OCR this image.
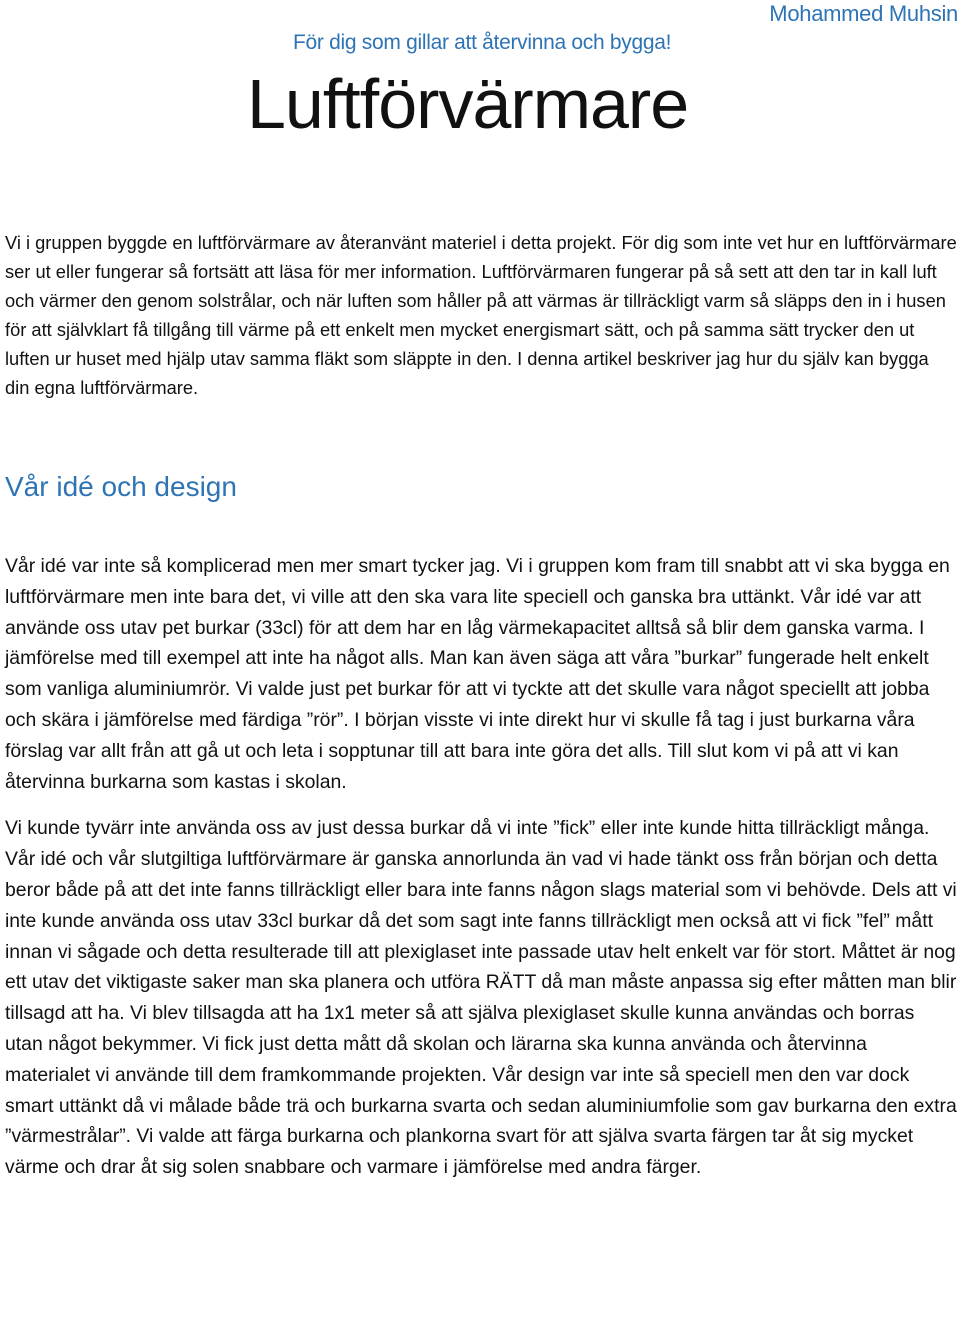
För dig som gillar att återvinna och bygga!
Mohammed Muhsin
Luftförvärmare

Vi i gruppen byggde en luftförvärmare av återanvänt materiel i detta projekt. För dig som inte vet hur en luftförvärmare ser ut eller fungerar så fortsätt att läsa för mer information. Luftförvärmaren fungerar på så sett att den tar in kall luft och värmer den genom solstrålar, och när luften som håller på att värmas är tillräckligt varm så släpps den in i husen för att självklart få tillgång till värme på ett enkelt men mycket energismart sätt, och på samma sätt trycker den ut luften ur huset med hjälp utav samma fläkt som släppte in den. I denna artikel beskriver jag hur du själv kan bygga din egna luftförvärmare.

Vår idé och design

Vår idé var inte så komplicerad men mer smart tycker jag. Vi i gruppen kom fram till snabbt att vi ska bygga en luftförvärmare men inte bara det, vi ville att den ska vara lite speciell och ganska bra uttänkt. Vår idé var att använde oss utav pet burkar (33cl) för att dem har en låg värmekapacitet alltså så blir dem ganska varma. I jämförelse med till exempel att inte ha något alls. Man kan även säga att våra ”burkar” fungerade helt enkelt som vanliga aluminiumrör. Vi valde just pet burkar för att vi tyckte att det skulle vara något speciellt att jobba och skära i jämförelse med färdiga ”rör”. I början visste vi inte direkt hur vi skulle få tag i just burkarna våra förslag var allt från att gå ut och leta i sopptunar till att bara inte göra det alls. Till slut kom vi på att vi kan återvinna burkarna som kastas i skolan.

Vi kunde tyvärr inte använda oss av just dessa burkar då vi inte ”fick” eller inte kunde hitta tillräckligt många. Vår idé och vår slutgiltiga luftförvärmare är ganska annorlunda än vad vi hade tänkt oss från början och detta beror både på att det inte fanns tillräckligt eller bara inte fanns någon slags material som vi behövde. Dels att vi inte kunde använda oss utav 33cl burkar då det som sagt inte fanns tillräckligt men också att vi fick ”fel” mått innan vi sågade och detta resulterade till att plexiglaset inte passade utav helt enkelt var för stort. Måttet är nog ett utav det viktigaste saker man ska planera och utföra RÄTT då man måste anpassa sig efter måtten man blir tillsagd att ha. Vi blev tillsagda att ha 1x1 meter så att själva plexiglaset skulle kunna användas och borras utan något bekymmer. Vi fick just detta mått då skolan och lärarna ska kunna använda och återvinna materialet vi använde till dem framkommande projekten. Vår design var inte så speciell men den var dock smart uttänkt då vi målade både trä och burkarna svarta och sedan aluminiumfolie som gav burkarna den extra ”värmestrålar”. Vi valde att färga burkarna och plankorna svart för att själva svarta färgen tar åt sig mycket värme och drar åt sig solen snabbare och varmare i jämförelse med andra färger.
